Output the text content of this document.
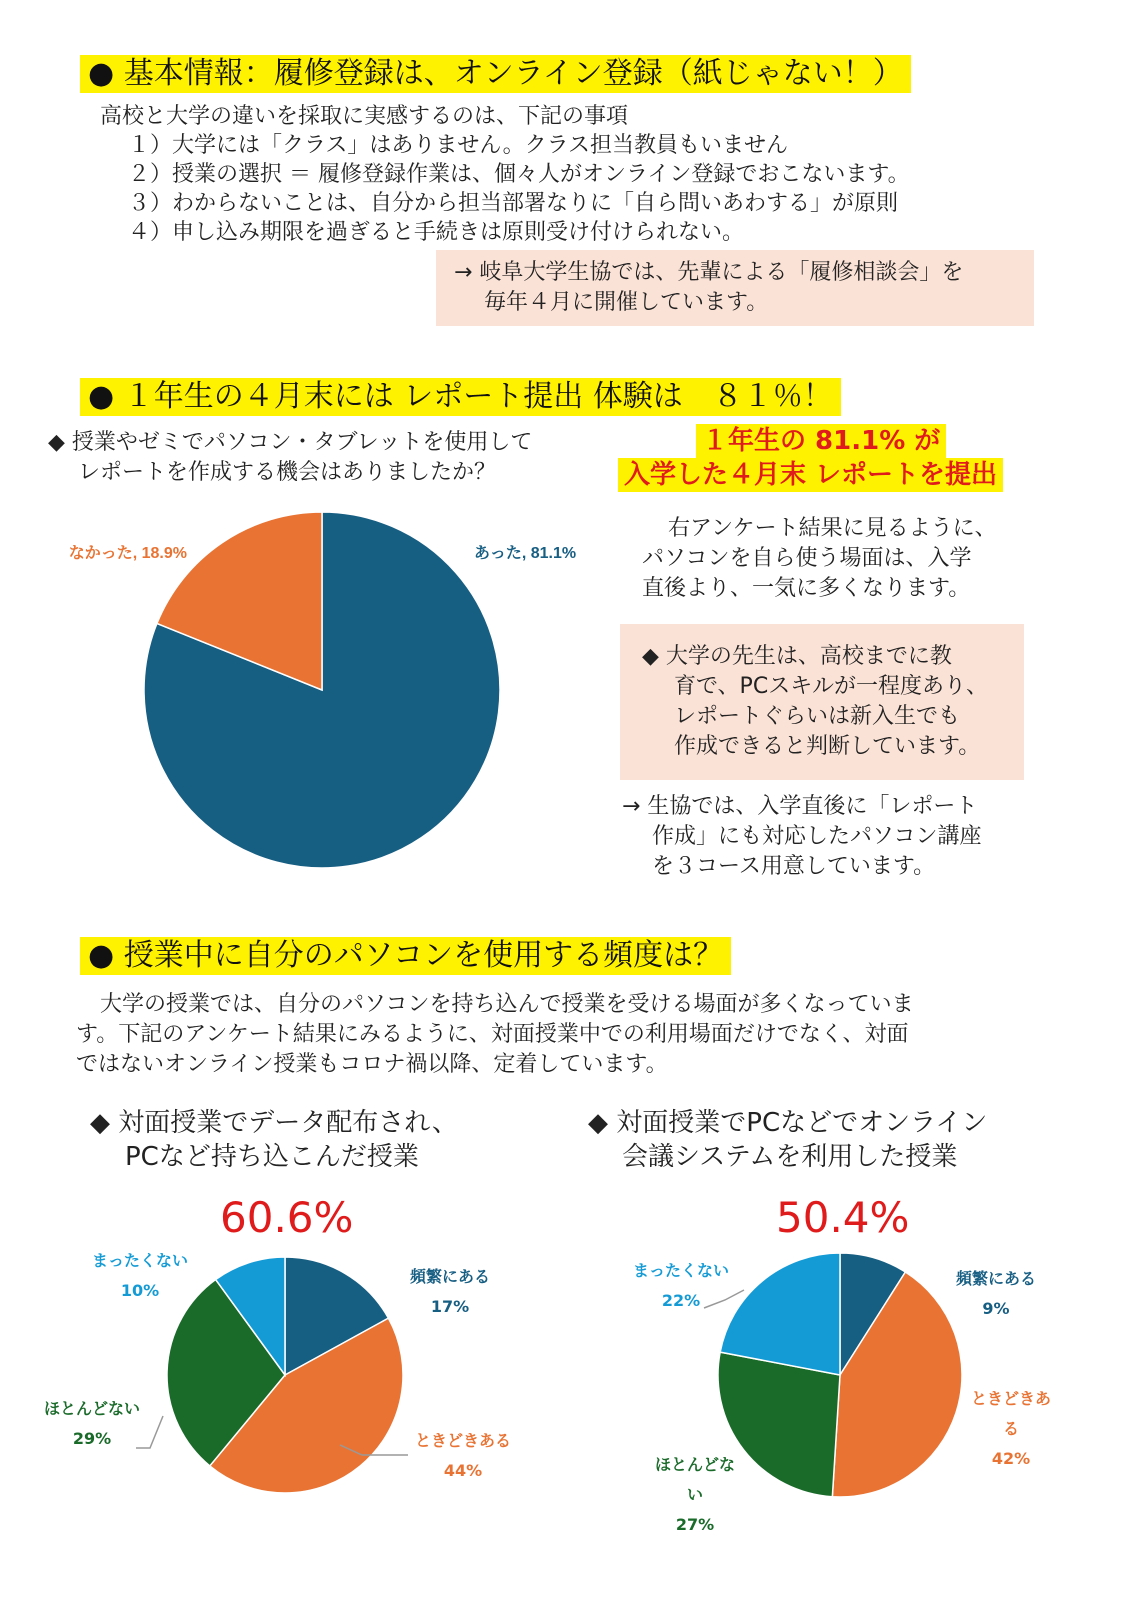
● 基本情報：履修登録は、オンライン登録（紙じゃない！）
高校と大学の違いを採取に実感するのは、下記の事項
１）大学には「クラス」はありません。クラス担当教員もいません
２）授業の選択 ＝ 履修登録作業は、個々人がオンライン登録でおこないます。
３）わからないことは、自分から担当部署なりに「自ら問いあわする」が原則
４）申し込み期限を過ぎると手続きは原則受け付けられない。
→ 岐阜大学生協では、先輩による「履修相談会」を
毎年４月に開催しています。
● １年生の４月末には レポート提出 体験は　８１％！
◆ 授業やゼミでパソコン・タブレットを使用して
レポートを作成する機会はありましたか？
１年生の 81.1% が
入学した４月末 レポートを提出
なかった, 18.9%	あった, 81.1%
右アンケート結果に見るように、
パソコンを自ら使う場面は、入学
直後より、一気に多くなります。
◆ 大学の先生は、高校までに教
育で、PCスキルが一程度あり、
レポートぐらいは新入生でも
作成できると判断しています。
→ 生協では、入学直後に「レポート
作成」にも対応したパソコン講座
を３コース用意しています。
● 授業中に自分のパソコンを使用する頻度は？
大学の授業では、自分のパソコンを持ち込んで授業を受ける場面が多くなっていま
す。下記のアンケート結果にみるように、対面授業中での利用場面だけでなく、対面
ではないオンライン授業もコロナ禍以降、定着しています。
◆ 対面授業でデータ配布され、
PCなど持ち込こんだ授業
◆ 対面授業でPCなどでオンライン
会議システムを利用した授業
60.6%	50.4%
まったくない
10%
頻繁にある
17%
ときどきある
44%
ほとんどない
29%
まったくない
22%
頻繁にある
9%
ときどきある
42%
ほとんどない
27%
